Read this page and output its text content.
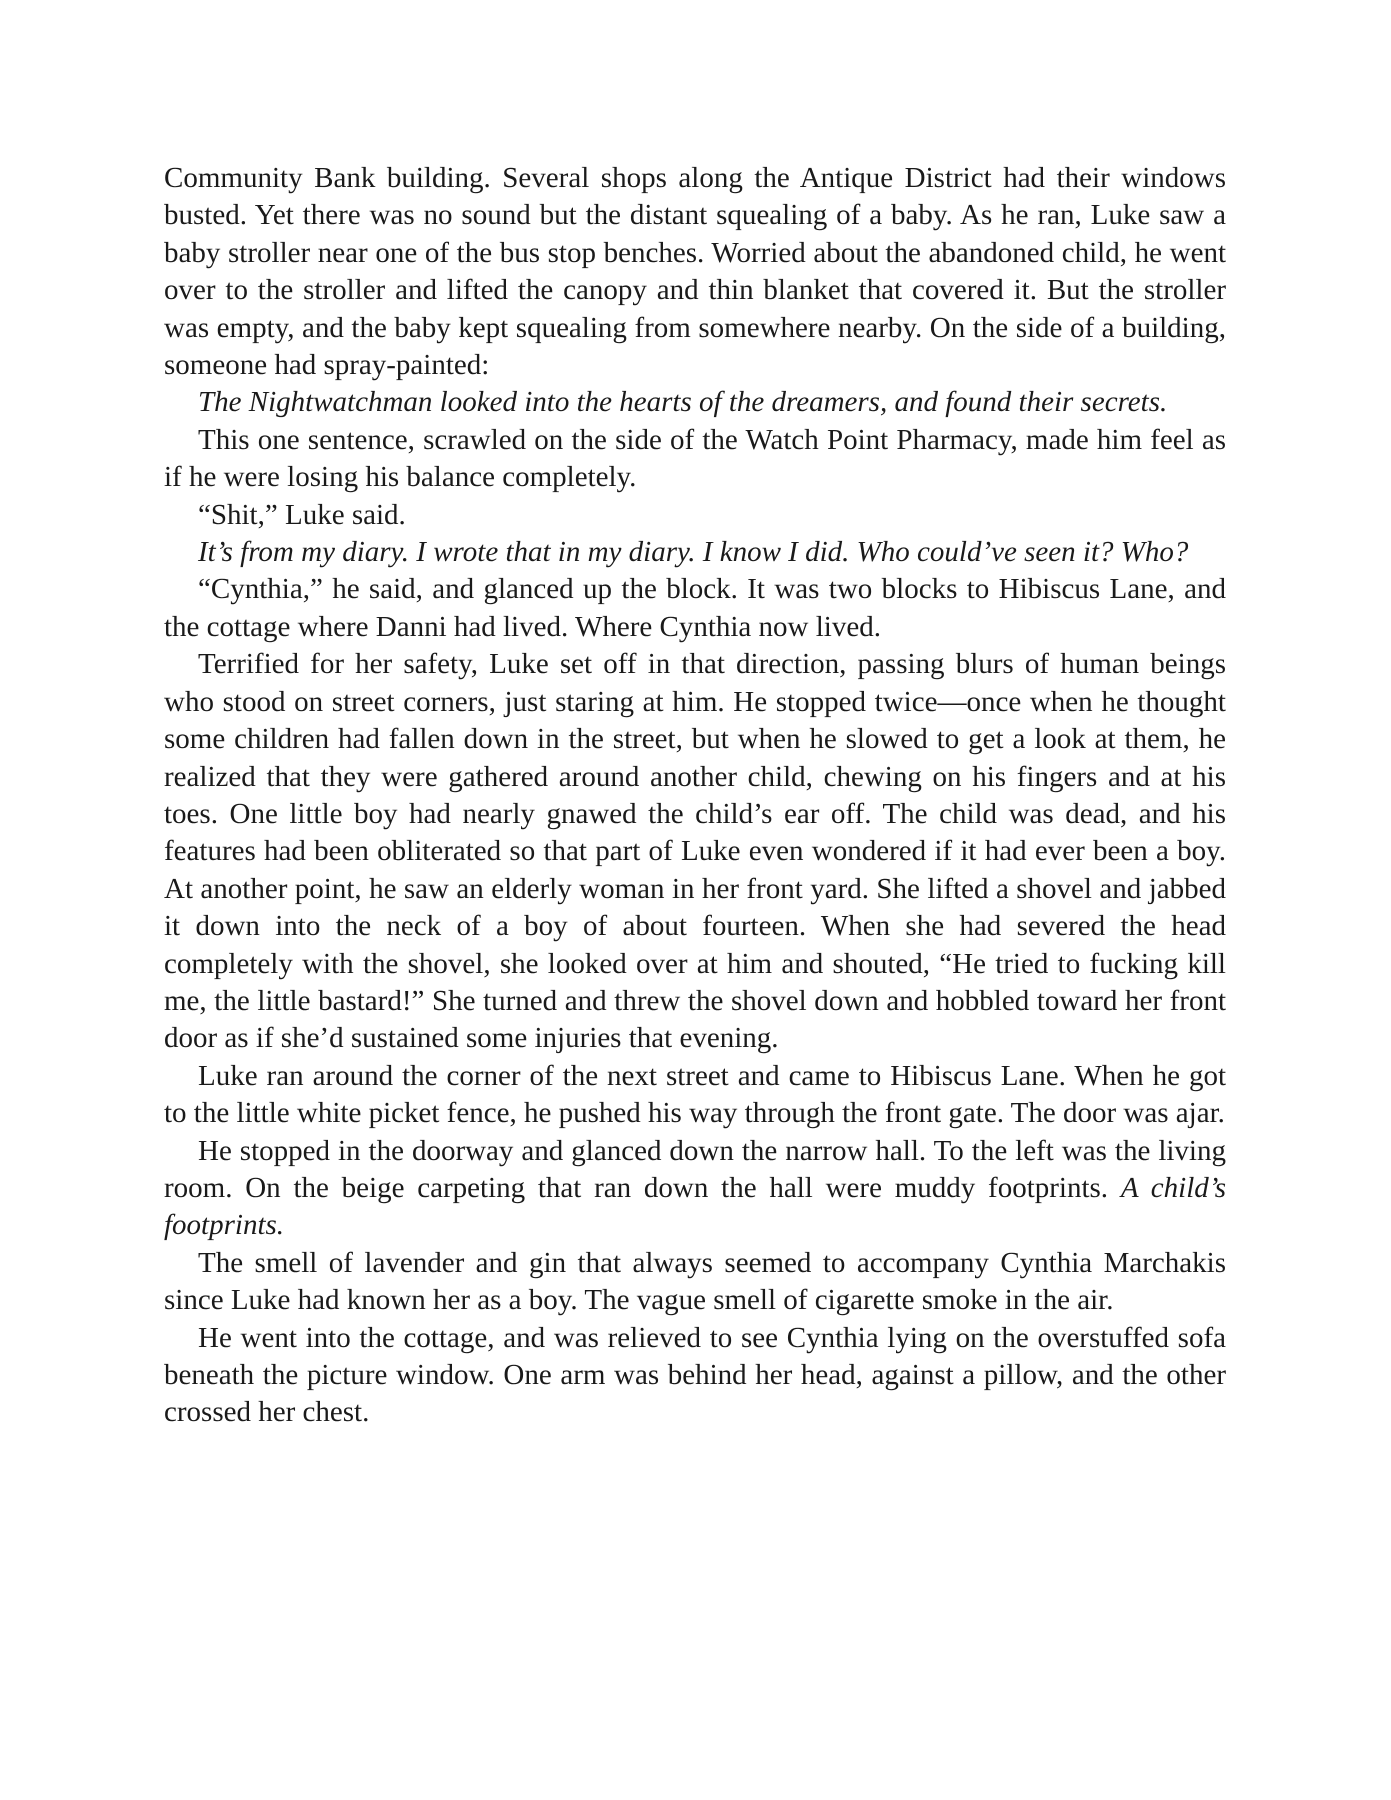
Community Bank building. Several shops along the Antique District had their windows busted. Yet there was no sound but the distant squealing of a baby. As he ran, Luke saw a baby stroller near one of the bus stop benches. Worried about the abandoned child, he went over to the stroller and lifted the canopy and thin blanket that covered it. But the stroller was empty, and the baby kept squealing from somewhere nearby. On the side of a building, someone had spray-painted:

The Nightwatchman looked into the hearts of the dreamers, and found their secrets.

This one sentence, scrawled on the side of the Watch Point Pharmacy, made him feel as if he were losing his balance completely.

“Shit,” Luke said.

It’s from my diary. I wrote that in my diary. I know I did. Who could’ve seen it? Who?

“Cynthia,” he said, and glanced up the block. It was two blocks to Hibiscus Lane, and the cottage where Danni had lived. Where Cynthia now lived.

Terrified for her safety, Luke set off in that direction, passing blurs of human beings who stood on street corners, just staring at him. He stopped twice—once when he thought some children had fallen down in the street, but when he slowed to get a look at them, he realized that they were gathered around another child, chewing on his fingers and at his toes. One little boy had nearly gnawed the child’s ear off. The child was dead, and his features had been obliterated so that part of Luke even wondered if it had ever been a boy. At another point, he saw an elderly woman in her front yard. She lifted a shovel and jabbed it down into the neck of a boy of about fourteen. When she had severed the head completely with the shovel, she looked over at him and shouted, “He tried to fucking kill me, the little bastard!” She turned and threw the shovel down and hobbled toward her front door as if she’d sustained some injuries that evening.

Luke ran around the corner of the next street and came to Hibiscus Lane. When he got to the little white picket fence, he pushed his way through the front gate. The door was ajar.

He stopped in the doorway and glanced down the narrow hall. To the left was the living room. On the beige carpeting that ran down the hall were muddy footprints. A child’s footprints.

The smell of lavender and gin that always seemed to accompany Cynthia Marchakis since Luke had known her as a boy. The vague smell of cigarette smoke in the air.

He went into the cottage, and was relieved to see Cynthia lying on the overstuffed sofa beneath the picture window. One arm was behind her head, against a pillow, and the other crossed her chest.
